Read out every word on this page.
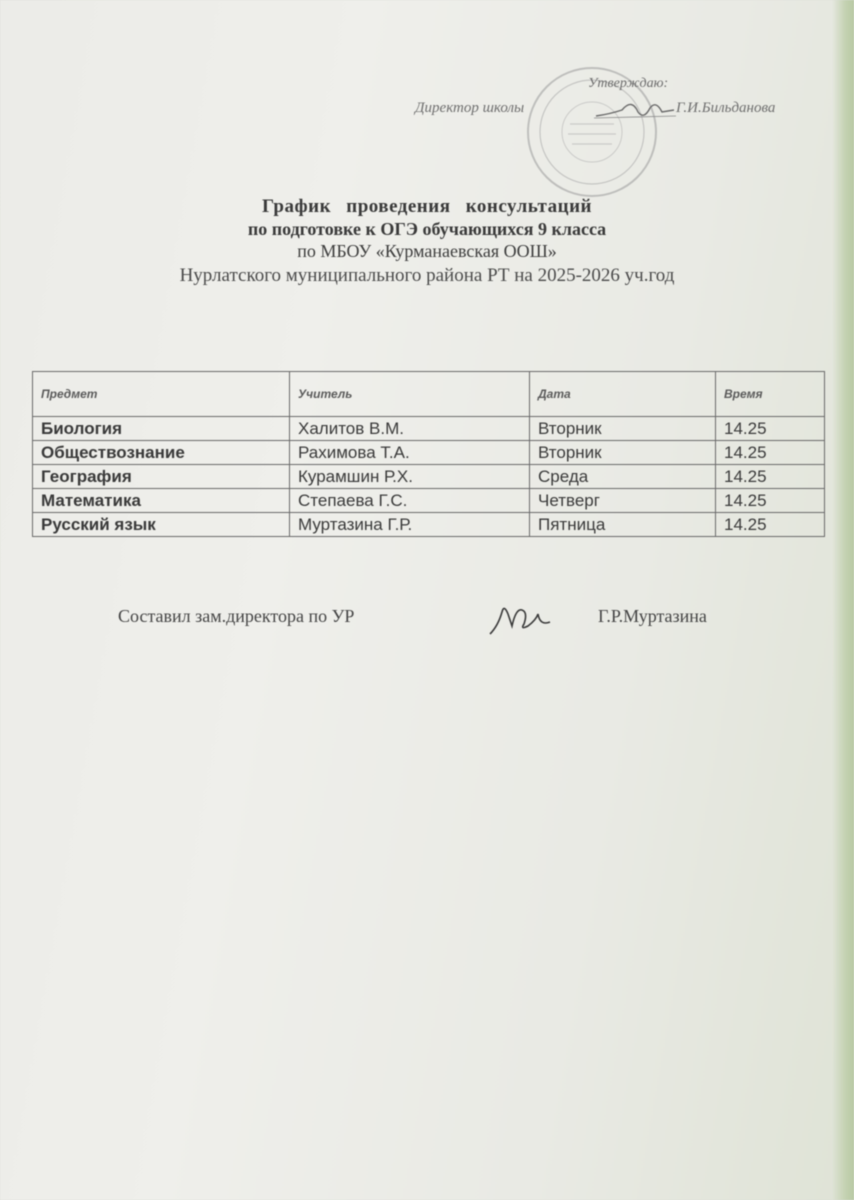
Утверждаю:
Директор школы	Г.И.Бильданова
График проведения консультаций
по подготовке к ОГЭ обучающихся 9 класса
по МБОУ «Курманаевская ООШ»
Нурлатского муниципального района РТ на 2025-2026 уч.год
Предмет	Учитель	Дата	Время
Биология	Халитов В.М.	Вторник	14.25
Обществознание	Рахимова Т.А.	Вторник	14.25
География	Курамшин Р.Х.	Среда	14.25
Математика	Степаева Г.С.	Четверг	14.25
Русский язык	Муртазина Г.Р.	Пятница	14.25
Составил зам.директора по УР	Г.Р.Муртазина
